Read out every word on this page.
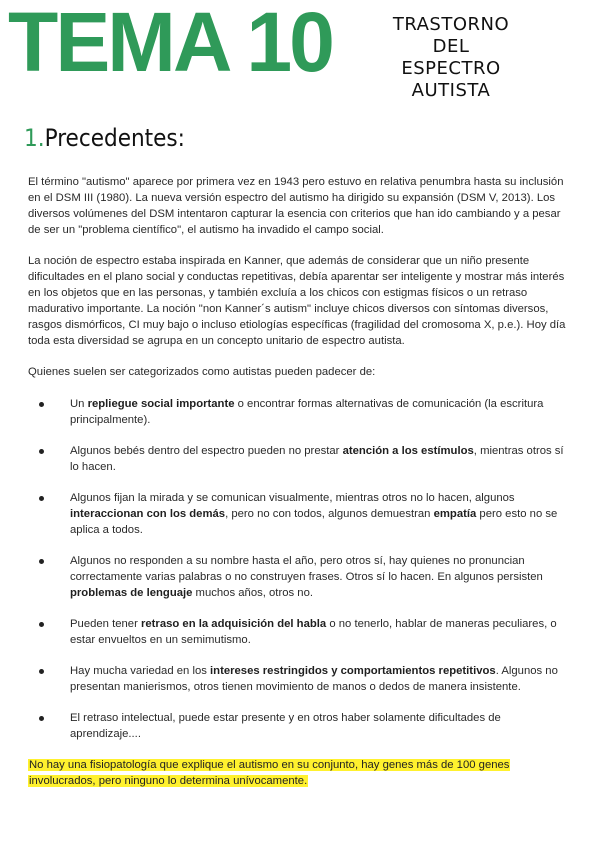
TEMA 10	TRASTORNO
DEL ESPECTRO
AUTISTA
1.Precedentes:

El término "autismo" aparece por primera vez en 1943 pero estuvo en relativa penumbra hasta su inclusión en el DSM III (1980). La nueva versión espectro del autismo ha dirigido su expansión (DSM V, 2013). Los diversos volúmenes del DSM intentaron capturar la esencia con criterios que han ido cambiando y a pesar de ser un "problema científico", el autismo ha invadido el campo social.

La noción de espectro estaba inspirada en Kanner, que además de considerar que un niño presente dificultades en el plano social y conductas repetitivas, debía aparentar ser inteligente y mostrar más interés en los objetos que en las personas, y también excluía a los chicos con estigmas físicos o un retraso madurativo importante. La noción "non Kanner´s autism" incluye chicos diversos con síntomas diversos, rasgos dismórficos, CI muy bajo o incluso etiologías específicas (fragilidad del cromosoma X, p.e.). Hoy día toda esta diversidad se agrupa en un concepto unitario de espectro autista.

Quienes suelen ser categorizados como autistas pueden padecer de:

Un repliegue social importante o encontrar formas alternativas de comunicación (la escritura principalmente).
Algunos bebés dentro del espectro pueden no prestar atención a los estímulos, mientras otros sí lo hacen.
Algunos fijan la mirada y se comunican visualmente, mientras otros no lo hacen, algunos interaccionan con los demás, pero no con todos, algunos demuestran empatía pero esto no se aplica a todos.
Algunos no responden a su nombre hasta el año, pero otros sí, hay quienes no pronuncian correctamente varias palabras o no construyen frases. Otros sí lo hacen. En algunos persisten problemas de lenguaje muchos años, otros no.
Pueden tener retraso en la adquisición del habla o no tenerlo, hablar de maneras peculiares, o estar envueltos en un semimutismo.
Hay mucha variedad en los intereses restringidos y comportamientos repetitivos. Algunos no presentan manierismos, otros tienen movimiento de manos o dedos de manera insistente.
El retraso intelectual, puede estar presente y en otros haber solamente dificultades de aprendizaje....

No hay una fisiopatología que explique el autismo en su conjunto, hay genes más de 100 genes involucrados, pero ninguno lo determina unívocamente.
